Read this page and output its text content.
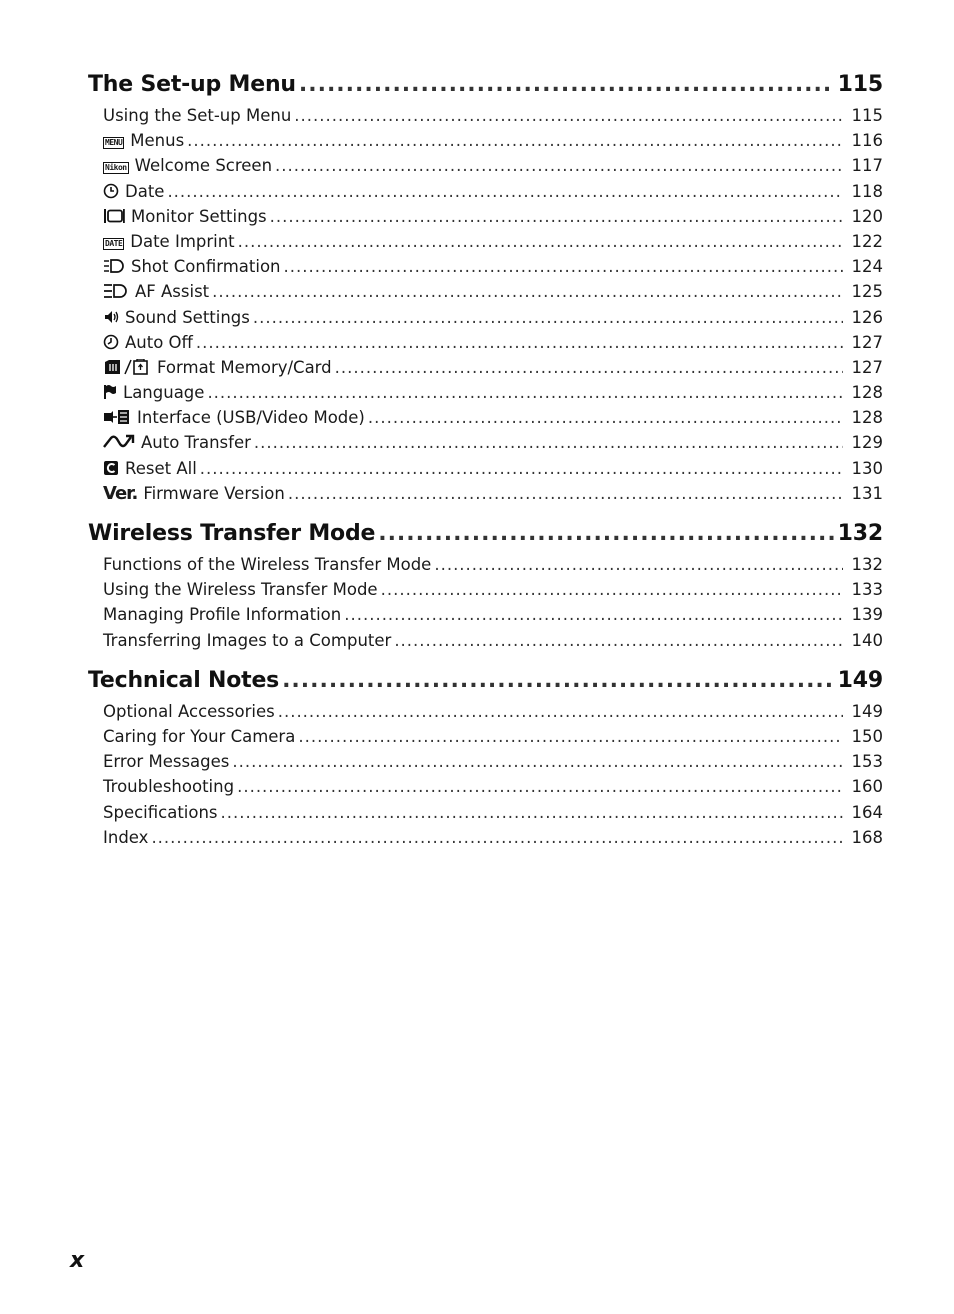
The Set-up Menu .....	115
Using the Set-up Menu .....	115
MENU Menus .....	116
Nikon Welcome Screen .....	117
Date .....	118
Monitor Settings .....	120
DATE Date Imprint .....	122
Shot Confirmation .....	124
AF Assist .....	125
Sound Settings .....	126
Auto Off .....	127
Format Memory/Card .....	127
Language .....	128
Interface (USB/Video Mode) .....	128
Auto Transfer .....	129
Reset All .....	130
Ver. Firmware Version .....	131
Wireless Transfer Mode .....	132
Functions of the Wireless Transfer Mode .....	132
Using the Wireless Transfer Mode .....	133
Managing Profile Information .....	139
Transferring Images to a Computer .....	140
Technical Notes .....	149
Optional Accessories .....	149
Caring for Your Camera .....	150
Error Messages .....	153
Troubleshooting .....	160
Specifications .....	164
Index .....	168
x
